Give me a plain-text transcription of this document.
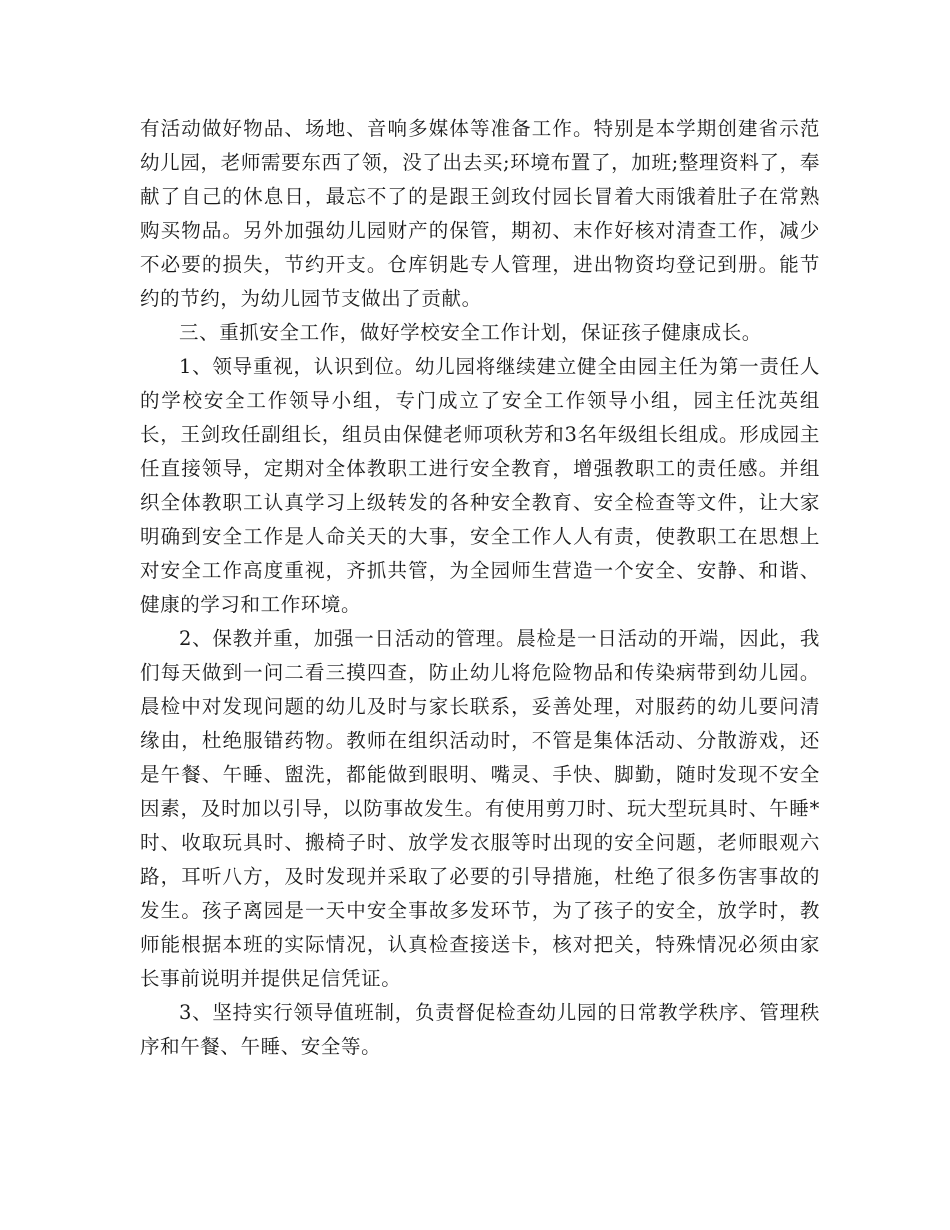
有活动做好物品、场地、音响多媒体等准备工作。特别是本学期创建省示范幼儿园，老师需要东西了领，没了出去买;环境布置了，加班;整理资料了，奉献了自己的休息日，最忘不了的是跟王剑玫付园长冒着大雨饿着肚子在常熟购买物品。另外加强幼儿园财产的保管，期初、末作好核对清查工作，减少不必要的损失，节约开支。仓库钥匙专人管理，进出物资均登记到册。能节约的节约，为幼儿园节支做出了贡献。

三、重抓安全工作，做好学校安全工作计划，保证孩子健康成长。

1、领导重视，认识到位。幼儿园将继续建立健全由园主任为第一责任人的学校安全工作领导小组，专门成立了安全工作领导小组，园主任沈英组长，王剑玫任副组长，组员由保健老师项秋芳和3名年级组长组成。形成园主任直接领导，定期对全体教职工进行安全教育，增强教职工的责任感。并组织全体教职工认真学习上级转发的各种安全教育、安全检查等文件，让大家明确到安全工作是人命关天的大事，安全工作人人有责，使教职工在思想上对安全工作高度重视，齐抓共管，为全园师生营造一个安全、安静、和谐、健康的学习和工作环境。

2、保教并重，加强一日活动的管理。晨检是一日活动的开端，因此，我们每天做到一问二看三摸四查，防止幼儿将危险物品和传染病带到幼儿园。晨检中对发现问题的幼儿及时与家长联系，妥善处理，对服药的幼儿要问清缘由，杜绝服错药物。教师在组织活动时，不管是集体活动、分散游戏，还是午餐、午睡、盥洗，都能做到眼明、嘴灵、手快、脚勤，随时发现不安全因素，及时加以引导，以防事故发生。有使用剪刀时、玩大型玩具时、午睡*时、收取玩具时、搬椅子时、放学发衣服等时出现的安全问题，老师眼观六路，耳听八方，及时发现并采取了必要的引导措施，杜绝了很多伤害事故的发生。孩子离园是一天中安全事故多发环节，为了孩子的安全，放学时，教师能根据本班的实际情况，认真检查接送卡，核对把关，特殊情况必须由家长事前说明并提供足信凭证。

3、坚持实行领导值班制，负责督促检查幼儿园的日常教学秩序、管理秩序和午餐、午睡、安全等。
